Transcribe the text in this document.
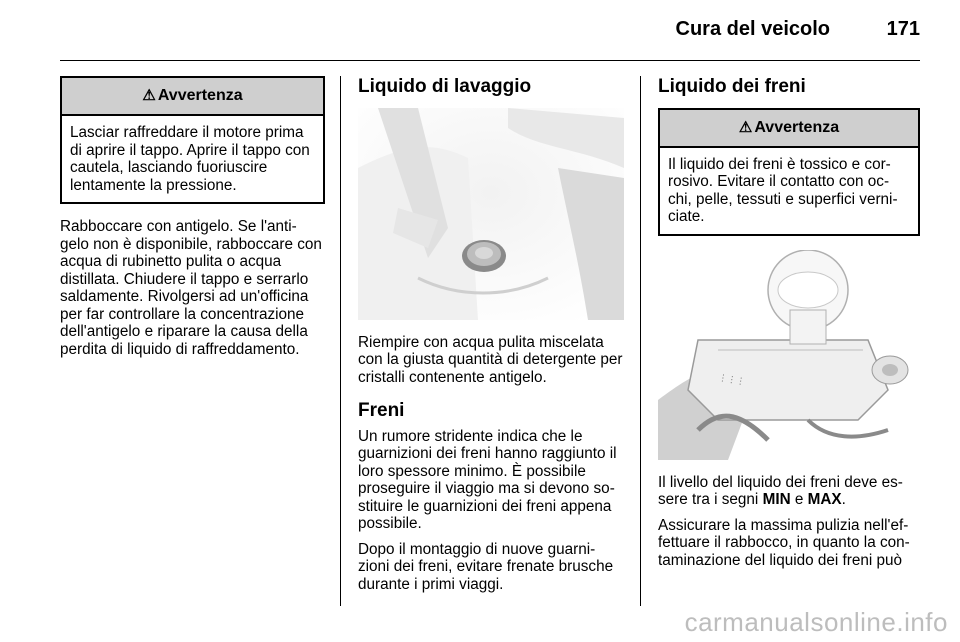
Cura del veicolo	171
⚠ Avvertenza
Lasciar raffreddare il motore prima di aprire il tappo. Aprire il tappo con cautela, lasciando fuoriuscire lentamente la pressione.

Rabboccare con antigelo. Se l'anti-gelo non è disponibile, rabboccare con acqua di rubinetto pulita o acqua distillata. Chiudere il tappo e serrarlo saldamente. Rivolgersi ad un'officina per far controllare la concentrazione dell'antigelo e riparare la causa della perdita di liquido di raffreddamento.

Liquido di lavaggio

Riempire con acqua pulita miscelata con la giusta quantità di detergente per cristalli contenente antigelo.

Freni

Un rumore stridente indica che le guarnizioni dei freni hanno raggiunto il loro spessore minimo. È possibile proseguire il viaggio ma si devono so-stituire le guarnizioni dei freni appena possibile.

Dopo il montaggio di nuove guarni-zioni dei freni, evitare frenate brusche durante i primi viaggi.

Liquido dei freni
⚠ Avvertenza
Il liquido dei freni è tossico e cor-rosivo. Evitare il contatto con oc-chi, pelle, tessuti e superfici verni-ciate.
⋮⋮⋮

Il livello del liquido dei freni deve es-sere tra i segni MIN e MAX.

Assicurare la massima pulizia nell'ef-fettuare il rabbocco, in quanto la con-taminazione del liquido dei freni può

carmanualsonline.info
